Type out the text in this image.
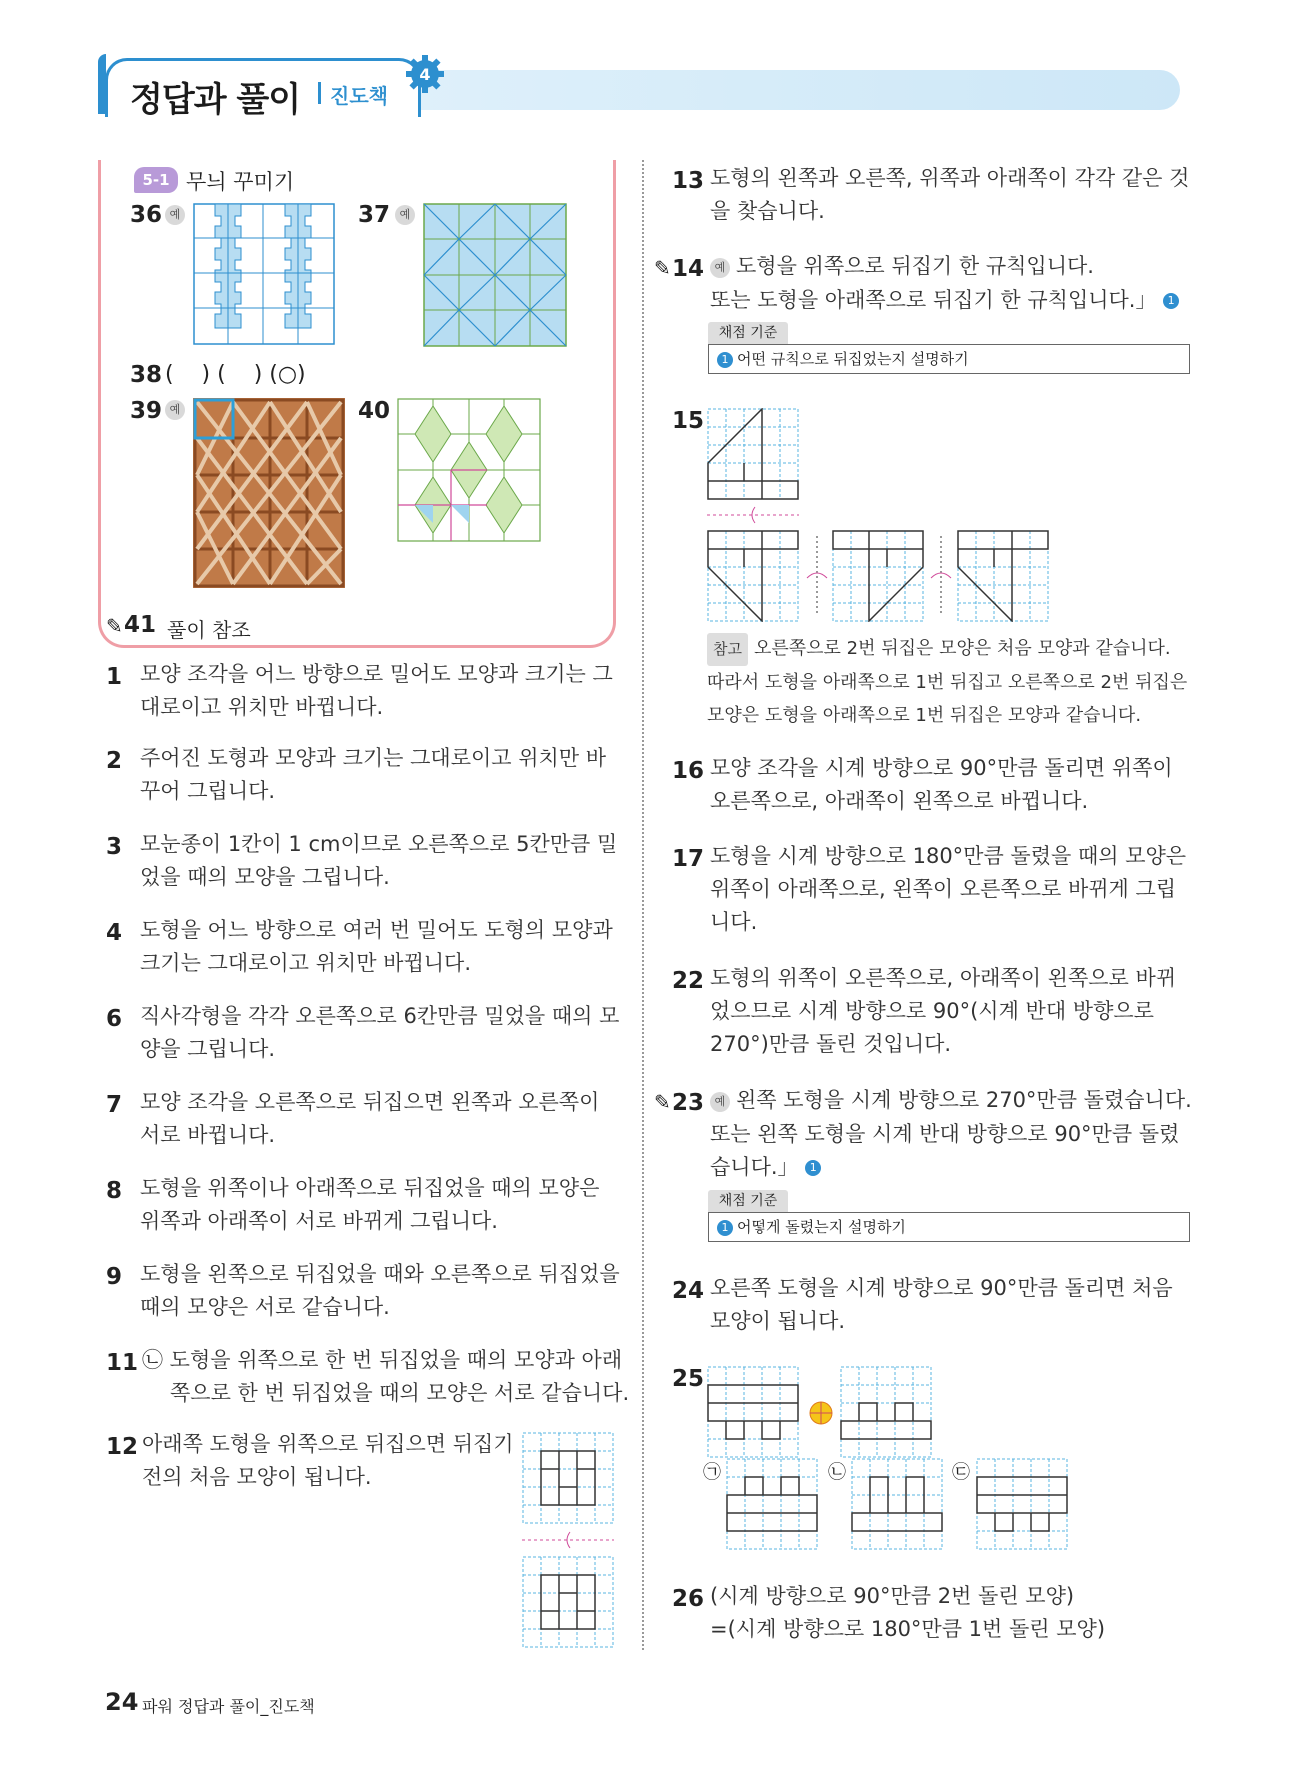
정답과 풀이 진도책
4
5-1 무늬 꾸미기
36 예	37 예
38 (    ) (    ) (○)
39 예	40
✎ 41 풀이 참조
1 모양 조각을 어느 방향으로 밀어도 모양과 크기는 그
대로이고 위치만 바뀝니다.
2 주어진 도형과 모양과 크기는 그대로이고 위치만 바
꾸어 그립니다.
3 모눈종이 1칸이 1 cm이므로 오른쪽으로 5칸만큼 밀
었을 때의 모양을 그립니다.
4 도형을 어느 방향으로 여러 번 밀어도 도형의 모양과
크기는 그대로이고 위치만 바뀝니다.
6 직사각형을 각각 오른쪽으로 6칸만큼 밀었을 때의 모
양을 그립니다.
7 모양 조각을 오른쪽으로 뒤집으면 왼쪽과 오른쪽이
서로 바뀝니다.
8 도형을 위쪽이나 아래쪽으로 뒤집었을 때의 모양은
위쪽과 아래쪽이 서로 바뀌게 그립니다.
9 도형을 왼쪽으로 뒤집었을 때와 오른쪽으로 뒤집었을
때의 모양은 서로 같습니다.
11 ㉡ 도형을 위쪽으로 한 번 뒤집었을 때의 모양과 아래
쪽으로 한 번 뒤집었을 때의 모양은 서로 같습니다.
12 아래쪽 도형을 위쪽으로 뒤집으면 뒤집기
전의 처음 모양이 됩니다.
13 도형의 왼쪽과 오른쪽, 위쪽과 아래쪽이 각각 같은 것
을 찾습니다.
✎ 14 예 도형을 위쪽으로 뒤집기 한 규칙입니다.
또는 도형을 아래쪽으로 뒤집기 한 규칙입니다.」 1
채점 기준
1 어떤 규칙으로 뒤집었는지 설명하기
15
참고 오른쪽으로 2번 뒤집은 모양은 처음 모양과 같습니다.
따라서 도형을 아래쪽으로 1번 뒤집고 오른쪽으로 2번 뒤집은
모양은 도형을 아래쪽으로 1번 뒤집은 모양과 같습니다.
16 모양 조각을 시계 방향으로 90°만큼 돌리면 위쪽이
오른쪽으로, 아래쪽이 왼쪽으로 바뀝니다.
17 도형을 시계 방향으로 180°만큼 돌렸을 때의 모양은
위쪽이 아래쪽으로, 왼쪽이 오른쪽으로 바뀌게 그립
니다.
22 도형의 위쪽이 오른쪽으로, 아래쪽이 왼쪽으로 바뀌
었으므로 시계 방향으로 90°(시계 반대 방향으로
270°)만큼 돌린 것입니다.
✎ 23 예 왼쪽 도형을 시계 방향으로 270°만큼 돌렸습니다.
또는 왼쪽 도형을 시계 반대 방향으로 90°만큼 돌렸
습니다.」 1
채점 기준
1 어떻게 돌렸는지 설명하기
24 오른쪽 도형을 시계 방향으로 90°만큼 돌리면 처음
모양이 됩니다.
25
㉠	㉡	㉢
26 (시계 방향으로 90°만큼 2번 돌린 모양)
=(시계 방향으로 180°만큼 1번 돌린 모양)
24 파워 정답과 풀이_진도책
